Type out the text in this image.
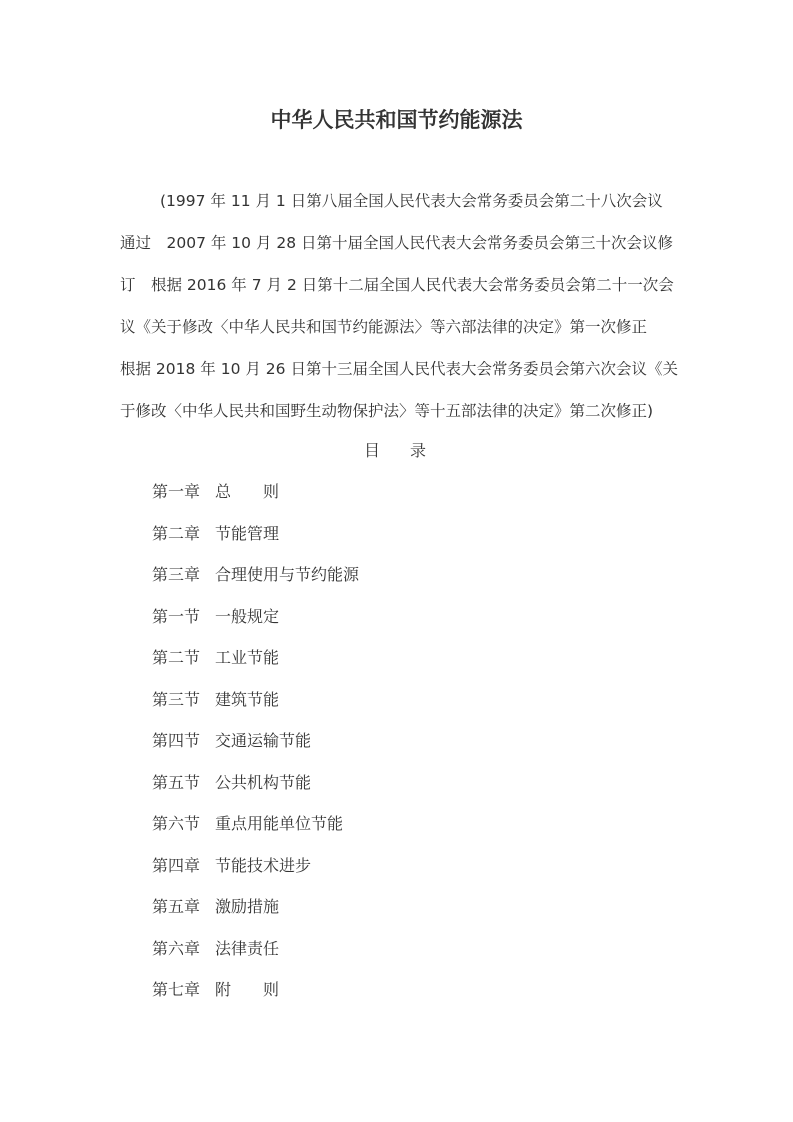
中华人民共和国节约能源法
(1997 年 11 月 1 日第八届全国人民代表大会常务委员会第二十八次会议
通过　2007 年 10 月 28 日第十届全国人民代表大会常务委员会第三十次会议修
订　根据 2016 年 7 月 2 日第十二届全国人民代表大会常务委员会第二十一次会
议《关于修改〈中华人民共和国节约能源法〉等六部法律的决定》第一次修正
根据 2018 年 10 月 26 日第十三届全国人民代表大会常务委员会第六次会议《关
于修改〈中华人民共和国野生动物保护法〉等十五部法律的决定》第二次修正)
目 录
第一章 总　　则
第二章 节能管理
第三章 合理使用与节约能源
第一节 一般规定
第二节 工业节能
第三节 建筑节能
第四节 交通运输节能
第五节 公共机构节能
第六节 重点用能单位节能
第四章 节能技术进步
第五章 激励措施
第六章 法律责任
第七章 附　　则
